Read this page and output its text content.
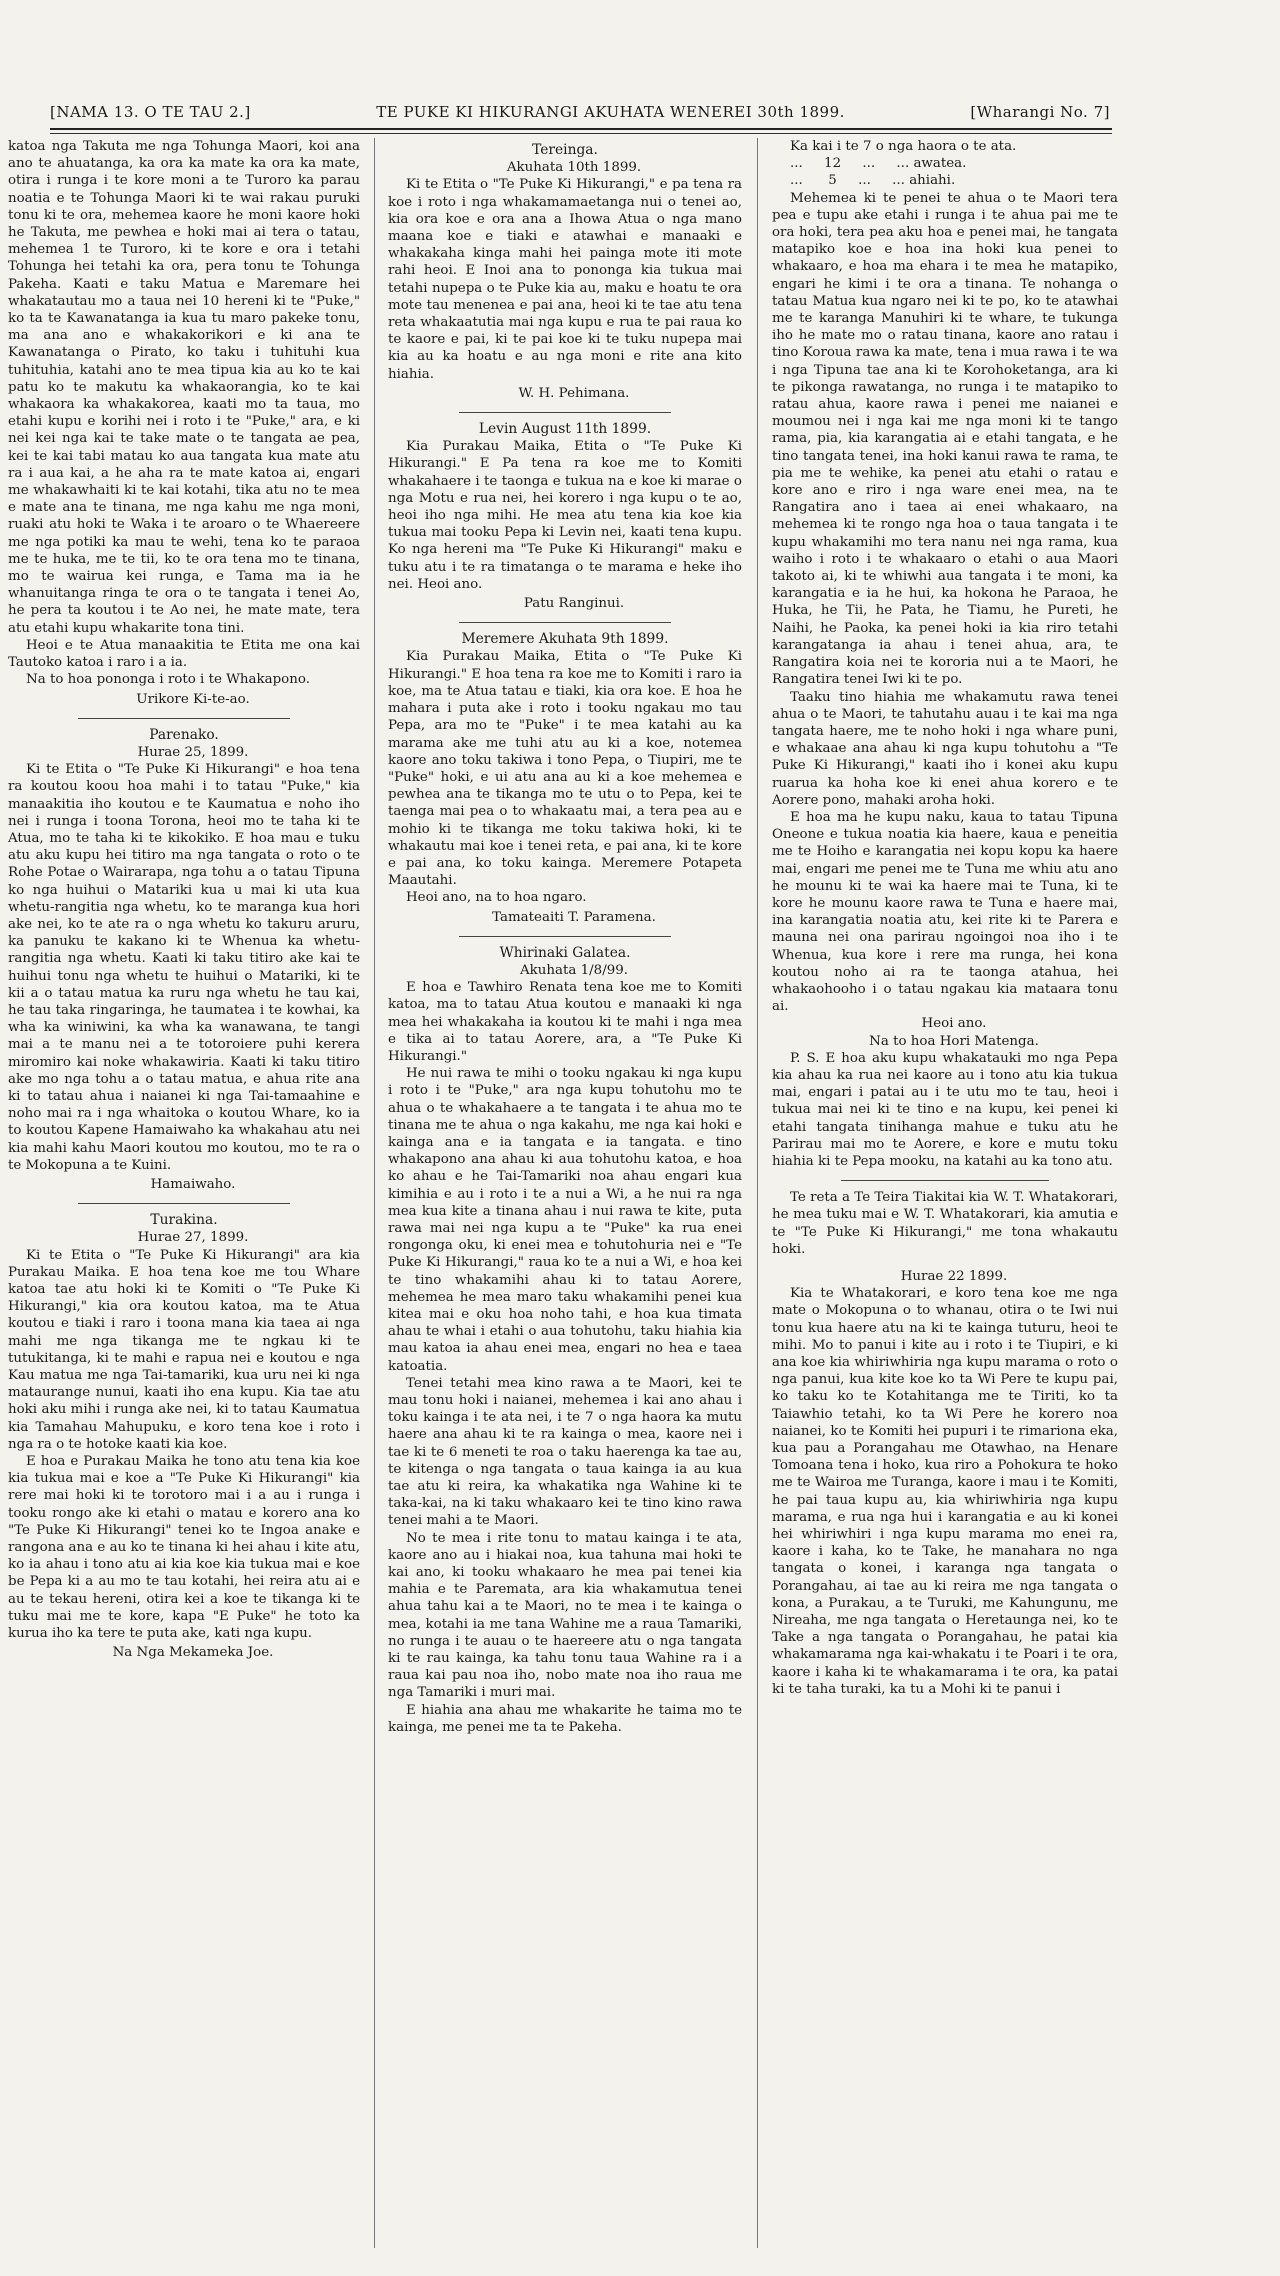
[NAMA 13. O TE TAU 2.]	TE PUKE KI HIKURANGI AKUHATA WENEREI 30th 1899.	[Wharangi No. 7]

katoa nga Takuta me nga Tohunga Maori, koi ana ano te ahuatanga, ka ora ka mate ka ora ka mate, otira i runga i te kore moni a te Turoro ka parau noatia e te Tohunga Maori ki te wai rakau puruki tonu ki te ora, mehemea kaore he moni kaore hoki he Takuta, me pewhea e hoki mai ai tera o tatau, mehemea 1 te Turoro, ki te kore e ora i tetahi Tohunga hei tetahi ka ora, pera tonu te Tohunga Pakeha. Kaati e taku Matua e Maremare hei whakatautau mo a taua nei 10 hereni ki te "Puke," ko ta te Kawanatanga ia kua tu maro pakeke tonu, ma ana ano e whakakorikori e ki ana te Kawanatanga o Pirato, ko taku i tuhituhi kua tuhituhia, katahi ano te mea tipua kia au ko te kai patu ko te makutu ka whakaorangia, ko te kai whakaora ka whakakorea, kaati mo ta taua, mo etahi kupu e korihi nei i roto i te "Puke," ara, e ki nei kei nga kai te take mate o te tangata ae pea, kei te kai tabi matau ko aua tangata kua mate atu ra i aua kai, a he aha ra te mate katoa ai, engari me whakawhaiti ki te kai kotahi, tika atu no te mea e mate ana te tinana, me nga kahu me nga moni, ruaki atu hoki te Waka i te aroaro o te Whaereere me nga potiki ka mau te wehi, tena ko te paraoa me te huka, me te tii, ko te ora tena mo te tinana, mo te wairua kei runga, e Tama ma ia he whanuitanga ringa te ora o te tangata i tenei Ao, he pera ta koutou i te Ao nei, he mate mate, tera atu etahi kupu whakarite tona tini.

Heoi e te Atua manaakitia te Etita me ona kai Tautoko katoa i raro i a ia.

Na to hoa pononga i roto i te Whakapono.

Urikore Ki-te-ao.

Parenako.

Hurae 25, 1899.

Ki te Etita o "Te Puke Ki Hikurangi" e hoa tena ra koutou koou hoa mahi i to tatau "Puke," kia manaakitia iho koutou e te Kaumatua e noho iho nei i runga i toona Torona, heoi mo te taha ki te Atua, mo te taha ki te kikokiko. E hoa mau e tuku atu aku kupu hei titiro ma nga tangata o roto o te Rohe Potae o Wairarapa, nga tohu a o tatau Tipuna ko nga huihui o Matariki kua u mai ki uta kua whetu-rangitia nga whetu, ko te maranga kua hori ake nei, ko te ate ra o nga whetu ko takuru aruru, ka panuku te kakano ki te Whenua ka whetu-rangitia nga whetu. Kaati ki taku titiro ake kai te huihui tonu nga whetu te huihui o Matariki, ki te kii a o tatau matua ka ruru nga whetu he tau kai, he tau taka ringaringa, he taumatea i te kowhai, ka wha ka winiwini, ka wha ka wanawana, te tangi mai a te manu nei a te totoroiere puhi kerera miromiro kai noke whakawiria. Kaati ki taku titiro ake mo nga tohu a o tatau matua, e ahua rite ana ki to tatau ahua i naianei ki nga Tai-tamaahine e noho mai ra i nga whaitoka o koutou Whare, ko ia to koutou Kapene Hamaiwaho ka whakahau atu nei kia mahi kahu Maori koutou mo koutou, mo te ra o te Mokopuna a te Kuini.

Hamaiwaho.

Turakina.

Hurae 27, 1899.

Ki te Etita o "Te Puke Ki Hikurangi" ara kia Purakau Maika. E hoa tena koe me tou Whare katoa tae atu hoki ki te Komiti o "Te Puke Ki Hikurangi," kia ora koutou katoa, ma te Atua koutou e tiaki i raro i toona mana kia taea ai nga mahi me nga tikanga me te ngkau ki te tutukitanga, ki te mahi e rapua nei e koutou e nga Kau matua me nga Tai-tamariki, kua uru nei ki nga mataurange nunui, kaati iho ena kupu. Kia tae atu hoki aku mihi i runga ake nei, ki to tatau Kaumatua kia Tamahau Mahupuku, e koro tena koe i roto i nga ra o te hotoke kaati kia koe.

E hoa e Purakau Maika he tono atu tena kia koe kia tukua mai e koe a "Te Puke Ki Hikurangi" kia rere mai hoki ki te torotoro mai i a au i runga i tooku rongo ake ki etahi o matau e korero ana ko "Te Puke Ki Hikurangi" tenei ko te Ingoa anake e rangona ana e au ko te tinana ki hei ahau i kite atu, ko ia ahau i tono atu ai kia koe kia tukua mai e koe be Pepa ki a au mo te tau kotahi, hei reira atu ai e au te tekau hereni, otira kei a koe te tikanga ki te tuku mai me te kore, kapa "E Puke" he toto ka kurua iho ka tere te puta ake, kati nga kupu.

Na Nga Mekameka Joe.

Tereinga.

Akuhata 10th 1899.

Ki te Etita o "Te Puke Ki Hikurangi," e pa tena ra koe i roto i nga whakamamaetanga nui o tenei ao, kia ora koe e ora ana a Ihowa Atua o nga mano maana koe e tiaki e atawhai e manaaki e whakakaha kinga mahi hei painga mote iti mote rahi heoi. E Inoi ana to pononga kia tukua mai tetahi nupepa o te Puke kia au, maku e hoatu te ora mote tau meneneа e pai ana, heoi ki te tae atu tena reta whakaatutia mai nga kupu e rua te pai raua ko te kaore e pai, ki te pai koe ki te tuku nupepa mai kia au ka hoatu e au nga moni e rite ana kito hiahia.

W. H. Pehimana.

Levin August 11th 1899.

Kia Purakau Maika, Etita o "Te Puke Ki Hikurangi." E Pa tena ra koe me to Komiti whakahaere i te taonga e tukua na e koe ki marae o nga Motu e rua nei, hei korero i nga kupu o te ao, heoi iho nga mihi. He mea atu tena kia koe kia tukua mai tooku Pepa ki Levin nei, kaati tena kupu. Ko nga hereni ma "Te Puke Ki Hikurangi" maku e tuku atu i te ra timatanga o te marama e heke iho nei. Heoi ano.

Patu Ranginui.

Meremere Akuhata 9th 1899.

Kia Purakau Maika, Etita o "Te Puke Ki Hikurangi." E hoa tena ra koe me to Komiti i raro ia koe, ma te Atua tatau e tiaki, kia ora koe. E hoa he mahara i puta ake i roto i tooku ngakau mo tau Pepa, ara mo te "Puke" i te mea katahi au ka marama ake me tuhi atu au ki a koe, notemea kaore ano toku takiwa i tono Pepa, o Tiupiri, me te "Puke" hoki, e ui atu ana au ki a koe mehemea e pewhea ana te tikanga mo te utu o to Pepa, kei te taenga mai pea o to whakaatu mai, a tera pea au e mohio ki te tikanga me toku takiwa hoki, ki te whakautu mai koe i tenei reta, e pai ana, ki te kore e pai ana, ko toku kainga. Meremere Potapeta Maautahi.

Heoi ano, na to hoa ngaro.

Tamateaiti T. Paramena.

Whirinaki Galatea.

Akuhata 1/8/99.

E hoa e Tawhiro Renata tena koe me to Komiti katoa, ma to tatau Atua koutou e manaaki ki nga mea hei whakakaha ia koutou ki te mahi i nga mea e tika ai to tatau Aorere, ara, a "Te Puke Ki Hikurangi."

He nui rawa te mihi o tooku ngakau ki nga kupu i roto i te "Puke," ara nga kupu tohutohu mo te ahua o te whakahaere a te tangata i te ahua mo te tinana me te ahua o nga kakahu, me nga kai hoki e kainga ana e ia tangata e ia tangata. e tino whakapono ana ahau ki aua tohutohu katoa, e hoa ko ahau e he Tai-Tamariki noa ahau engari kua kimihia e au i roto i te a nui a Wi, a he nui ra nga mea kua kite a tinana ahau i nui rawa te kite, puta rawa mai nei nga kupu a te "Puke" ka rua enei rongonga oku, ki enei mea e tohutohuria nei e "Te Puke Ki Hikurangi," raua ko te a nui a Wi, e hoa kei te tino whakamihi ahau ki to tatau Aorere, mehemea he mea maro taku whakamihi penei kua kitea mai e oku hoa noho tahi, e hoa kua timata ahau te whai i etahi o aua tohutohu, taku hiahia kia mau katoa ia ahau enei mea, engari no hea e taea katoatia.

Tenei tetahi mea kino rawa a te Maori, kei te mau tonu hoki i naianei, mehemea i kai ano ahau i toku kainga i te ata nei, i te 7 o nga haora ka mutu haere ana ahau ki te ra kainga o mea, kaore nei i tae ki te 6 meneti te roa o taku haerenga ka tae au, te kitenga o nga tangata o taua kainga ia au kua tae atu ki reira, ka whakatika nga Wahine ki te taka-kai, na ki taku whakaaro kei te tino kino rawa tenei mahi a te Maori.

No te mea i rite tonu to matau kainga i te ata, kaore ano au i hiakai noa, kua tahuna mai hoki te kai ano, ki tooku whakaaro he mea pai tenei kia mahia e te Paremata, ara kia whakamutua tenei ahua tahu kai a te Maori, no te mea i te kainga o mea, kotahi ia me tana Wahine me a raua Tamariki, no runga i te auau o te haereere atu o nga tangata ki te rau kainga, ka tahu tonu taua Wahine ra i a raua kai pau noa iho, nobo mate noa iho raua me nga Tamariki i muri mai.

E hiahia ana ahau me whakarite he taima mo te kainga, me penei me ta te Pakeha.

Ka kai i te 7 o nga haora o te ata.

...     12     ...     ... awatea.

...      5     ...     ... ahiahi.

Mehemea ki te penei te ahua o te Maori tera pea e tupu ake etahi i runga i te ahua pai me te ora hoki, tera pea aku hoa e penei mai, he tangata matapiko koe e hoa ina hoki kua penei to whakaaro, e hoa ma ehara i te mea he matapiko, engari he kimi i te ora a tinana. Te nohanga o tatau Matua kua ngaro nei ki te po, ko te atawhai me te karanga Manuhiri ki te whare, te tukunga iho he mate mo o ratau tinana, kaore ano ratau i tino Koroua rawa ka mate, tena i mua rawa i te wa i nga Tipuna tae ana ki te Korohoketanga, ara ki te pikonga rawatanga, no runga i te matapiko to ratau ahua, kaore rawa i penei me naianei e moumou nei i nga kai me nga moni ki te tango rama, pia, kia karangatia ai e etahi tangata, e he tino tangata tenei, ina hoki kanui rawa te rama, te pia me te wehike, ka penei atu etahi o ratau e kore ano e riro i nga ware enei mea, na te Rangatira ano i taea ai enei whakaaro, na mehemea ki te rongo nga hoa o taua tangata i te kupu whakamihi mo tera nanu nei nga rama, kua waiho i roto i te whakaaro o etahi o aua Maori takoto ai, ki te whiwhi aua tangata i te moni, ka karangatia e ia he hui, ka hokona he Paraoa, he Huka, he Tii, he Pata, he Tiamu, he Pureti, he Naihi, he Paoka, ka penei hoki ia kia riro tetahi karangatanga ia ahau i tenei ahua, ara, te Rangatira koia nei te kororia nui a te Maori, he Rangatira tenei Iwi ki te po.

Taaku tino hiahia me whakamutu rawa tenei ahua o te Maori, te tahutahu auau i te kai ma nga tangata haere, me te noho hoki i nga whare puni, e whakaae ana ahau ki nga kupu tohutohu a "Te Puke Ki Hikurangi," kaati iho i konei aku kupu ruarua ka hoha koe ki enei ahua korero e te Aorere pono, mahaki aroha hoki.

E hoa ma he kupu naku, kaua to tatau Tipuna Oneone e tukua noatia kia haere, kaua e peneitia me te Hoiho e karangatia nei kopu kopu ka haere mai, engari me penei me te Tuna me whiu atu ano he mounu ki te wai ka haere mai te Tuna, ki te kore he mounu kaore rawa te Tuna e haere mai, ina karangatia noatia atu, kei rite ki te Parera e mauna nei ona parirau ngoingoi noa iho i te Whenua, kua kore i rere ma runga, hei kona koutou noho ai ra te taonga atahua, hei whakaohooho i o tatau ngakau kia mataara tonu ai.

Heoi ano.

Na to hoa Hori Matenga.

P. S. E hoa aku kupu whakatauki mo nga Pepa kia ahau ka rua nei kaore au i tono atu kia tukua mai, engari i patai au i te utu mo te tau, heoi i tukua mai nei ki te tino e na kupu, kei penei ki etahi tangata tinihanga mahue e tuku atu he Parirau mai mo te Aorere, e kore e mutu toku hiahia ki te Pepa mooku, na katahi au ka tono atu.

Te reta a Te Teira Tiakitai kia W. T. Whatakorari, he mea tuku mai e W. T. Whatakorari, kia amutia e te "Te Puke Ki Hikurangi," me tona whakautu hoki.

Hurae 22 1899.

Kia te Whatakorari, e koro tena koe me nga mate o Mokopuna o to whanau, otira o te Iwi nui tonu kua haere atu na ki te kainga tuturu, heoi te mihi. Mo to panui i kite au i roto i te Tiupiri, e ki ana koe kia whiriwhiria nga kupu marama o roto o nga panui, kua kite koe ko ta Wi Pere te kupu pai, ko taku ko te Kotahitanga me te Tiriti, ko ta Taiawhio tetahi, ko ta Wi Pere he korero noa naianei, ko te Komiti hei pupuri i te rimariona eka, kua pau a Porangahau me Otawhao, na Henare Tomoana tena i hoko, kua riro a Pohokura te hoko me te Wairoa me Turanga, kaore i mau i te Komiti, he pai taua kupu au, kia whiriwhiria nga kupu marama, e rua nga hui i karangatia e au ki konei hei whiriwhiri i nga kupu marama mo enei ra, kaore i kaha, ko te Take, he manahara no nga tangata o konei, i karanga nga tangata o Porangahau, ai tae au ki reira me nga tangata o kona, a Purakau, a te Turuki, me Kahungunu, me Nireaha, me nga tangata o Heretaunga nei, ko te Take a nga tangata o Porangahau, he patai kia whakamarama nga kai-whakatu i te Poari i te ora, kaore i kaha ki te whakamarama i te ora, ka patai ki te taha turaki, ka tu a Mohi ki te panui i
